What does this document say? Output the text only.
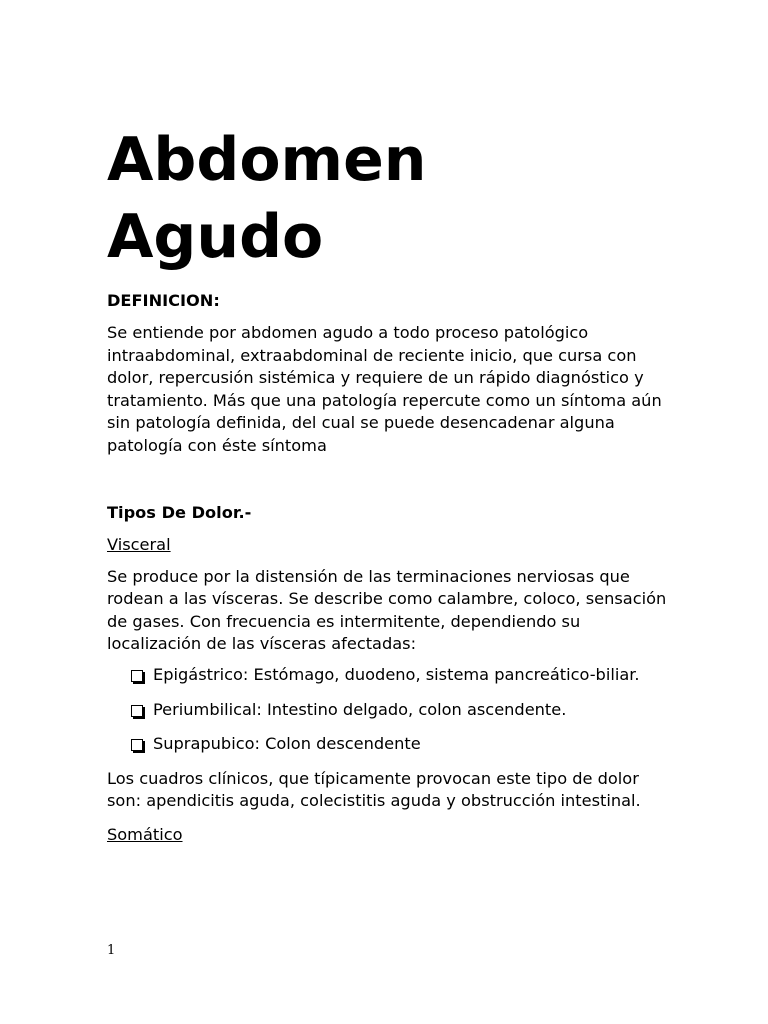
Abdomen
Agudo

DEFINICION:

Se entiende por abdomen agudo a todo proceso patológico intraabdominal, extraabdominal de reciente inicio, que cursa con dolor, repercusión sistémica y requiere de un rápido diagnóstico y tratamiento. Más que una patología repercute como un síntoma aún sin patología definida, del cual se puede desencadenar alguna patología con éste síntoma

Tipos De Dolor.-

Visceral

Se produce por la distensión de las terminaciones nerviosas que rodean a las vísceras. Se describe como calambre, coloco, sensación de gases. Con frecuencia es intermitente, dependiendo su localización de las vísceras afectadas:

Epigástrico: Estómago, duodeno, sistema pancreático-biliar.
Periumbilical: Intestino delgado, colon ascendente.
Suprapubico: Colon descendente

Los cuadros clínicos, que típicamente provocan este tipo de dolor son: apendicitis aguda, colecistitis aguda y obstrucción intestinal.

Somático

1
